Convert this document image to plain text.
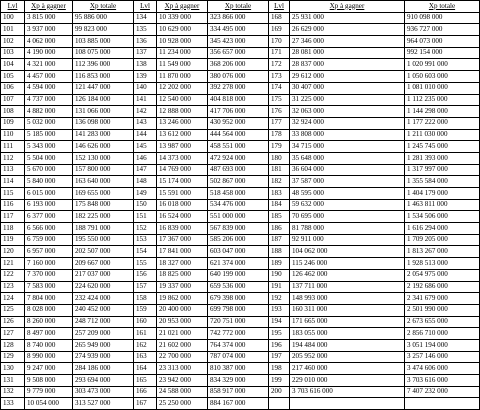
Lvl	Xp à gagner	Xp totale	Lvl	Xp à gagner	Xp totale	Lvl	Xp à gagner	Xp totale
100	3 815 000	95 886 000	134	10 339 000	323 866 000	168	25 931 000	910 098 000
101	3 937 000	99 823 000	135	10 629 000	334 495 000	169	26 629 000	936 727 000
102	4 062 000	103 885 000	136	10 928 000	345 423 000	170	27 346 000	964 073 000
103	4 190 000	108 075 000	137	11 234 000	356 657 000	171	28 081 000	992 154 000
104	4 321 000	112 396 000	138	11 549 000	368 206 000	172	28 837 000	1 020 991 000
105	4 457 000	116 853 000	139	11 870 000	380 076 000	173	29 612 000	1 050 603 000
106	4 594 000	121 447 000	140	12 202 000	392 278 000	174	30 407 000	1 081 010 000
107	4 737 000	126 184 000	141	12 540 000	404 818 000	175	31 225 000	1 112 235 000
108	4 882 000	131 066 000	142	12 888 000	417 706 000	176	32 063 000	1 144 298 000
109	5 032 000	136 098 000	143	13 246 000	430 952 000	177	32 924 000	1 177 222 000
110	5 185 000	141 283 000	144	13 612 000	444 564 000	178	33 808 000	1 211 030 000
111	5 343 000	146 626 000	145	13 987 000	458 551 000	179	34 715 000	1 245 745 000
112	5 504 000	152 130 000	146	14 373 000	472 924 000	180	35 648 000	1 281 393 000
113	5 670 000	157 800 000	147	14 769 000	487 693 000	181	36 604 000	1 317 997 000
114	5 840 000	163 640 000	148	15 174 000	502 867 000	182	37 587 000	1 355 584 000
115	6 015 000	169 655 000	149	15 591 000	518 458 000	183	48 595 000	1 404 179 000
116	6 193 000	175 848 000	150	16 018 000	534 476 000	184	59 632 000	1 463 811 000
117	6 377 000	182 225 000	151	16 524 000	551 000 000	185	70 695 000	1 534 506 000
118	6 566 000	188 791 000	152	16 839 000	567 839 000	186	81 788 000	1 616 294 000
119	6 759 000	195 550 000	153	17 367 000	585 206 000	187	92 911 000	1 709 205 000
120	6 957 000	202 507 000	154	17 841 000	603 047 000	188	104 062 000	1 813 267 000
121	7 160 000	209 667 000	155	18 327 000	621 374 000	189	115 246 000	1 928 513 000
122	7 370 000	217 037 000	156	18 825 000	640 199 000	190	126 462 000	2 054 975 000
123	7 583 000	224 620 000	157	19 337 000	659 536 000	191	137 711 000	2 192 686 000
124	7 804 000	232 424 000	158	19 862 000	679 398 000	192	148 993 000	2 341 679 000
125	8 028 000	240 452 000	159	20 400 000	699 798 000	193	160 311 000	2 501 990 000
126	8 260 000	248 712 000	160	20 953 000	720 751 000	194	171 665 000	2 673 655 000
127	8 497 000	257 209 000	161	21 021 000	742 772 000	195	183 055 000	2 856 710 000
128	8 740 000	265 949 000	162	21 602 000	764 374 000	196	194 484 000	3 051 194 000
129	8 990 000	274 939 000	163	22 700 000	787 074 000	197	205 952 000	3 257 146 000
130	9 247 000	284 186 000	164	23 313 000	810 387 000	198	217 460 000	3 474 606 000
131	9 508 000	293 694 000	165	23 942 000	834 329 000	199	229 010 000	3 703 616 000
132	9 779 000	303 473 000	166	24 588 000	858 917 000	200	3 703 616 000	7 407 232 000
133	10 054 000	313 527 000	167	25 250 000	884 167 000			
